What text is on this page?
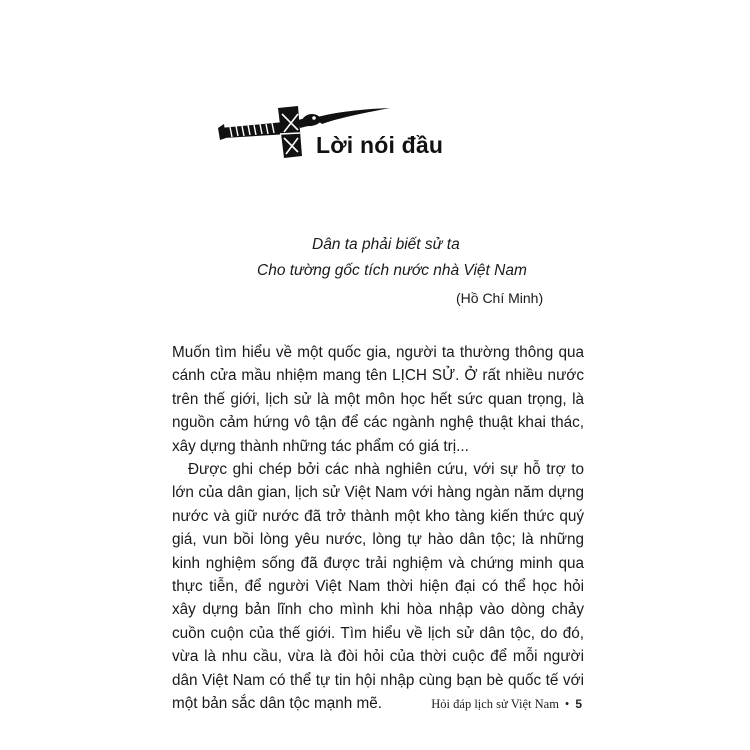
Lời nói đầu
Dân ta phải biết sử ta
Cho tường gốc tích nước nhà Việt Nam
(Hồ Chí Minh)

Muốn tìm hiểu về một quốc gia, người ta thường thông qua cánh cửa mầu nhiệm mang tên LỊCH SỬ. Ở rất nhiều nước trên thế giới, lịch sử là một môn học hết sức quan trọng, là nguồn cảm hứng vô tận để các ngành nghệ thuật khai thác, xây dựng thành những tác phẩm có giá trị...

Được ghi chép bởi các nhà nghiên cứu, với sự hỗ trợ to lớn của dân gian, lịch sử Việt Nam với hàng ngàn năm dựng nước và giữ nước đã trở thành một kho tàng kiến thức quý giá, vun bồi lòng yêu nước, lòng tự hào dân tộc; là những kinh nghiệm sống đã được trải nghiệm và chứng minh qua thực tiễn, để người Việt Nam thời hiện đại có thể học hỏi xây dựng bản lĩnh cho mình khi hòa nhập vào dòng chảy cuồn cuộn của thế giới. Tìm hiểu về lịch sử dân tộc, do đó, vừa là nhu cầu, vừa là đòi hỏi của thời cuộc để mỗi người dân Việt Nam có thể tự tin hội nhập cùng bạn bè quốc tế với một bản sắc dân tộc mạnh mẽ.	Hỏi đáp lịch sử Việt Nam • 5
